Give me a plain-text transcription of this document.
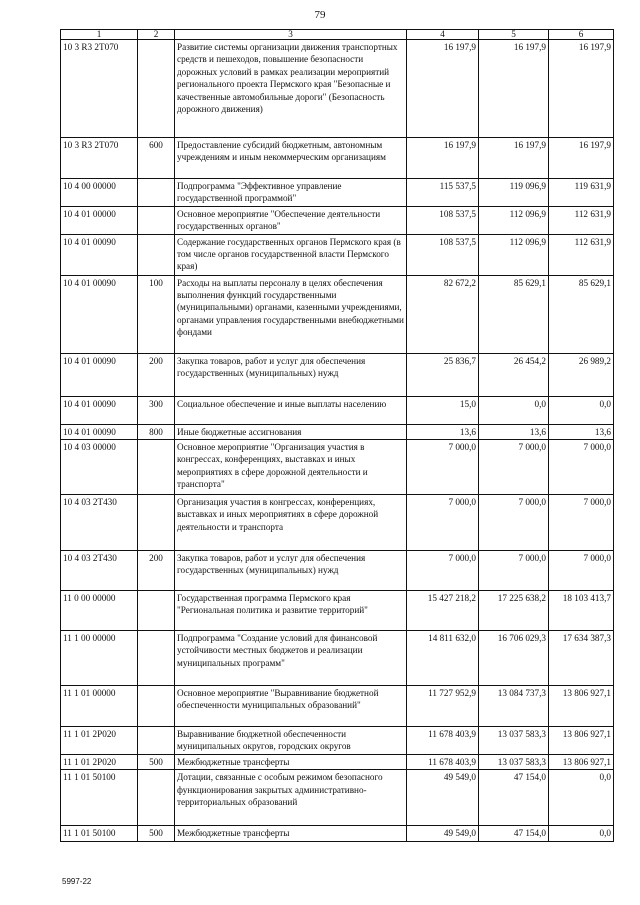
79
1	2	3	4	5	6
10 3 R3 2T070		Развитие системы организации движения транспортных средств и пешеходов, повышение безопасности дорожных условий в рамках реализации мероприятий регионального проекта Пермского края "Безопасные и качественные автомобильные дороги" (Безопасность дорожного движения)	16 197,9	16 197,9	16 197,9
10 3 R3 2T070	600	Предоставление субсидий бюджетным, автономным учреждениям и иным некоммерческим организациям	16 197,9	16 197,9	16 197,9
10 4 00 00000		Подпрограмма "Эффективное управление государственной программой"	115 537,5	119 096,9	119 631,9
10 4 01 00000		Основное мероприятие "Обеспечение деятельности государственных органов"	108 537,5	112 096,9	112 631,9
10 4 01 00090		Содержание государственных органов Пермского края (в том числе органов государственной власти Пермского края)	108 537,5	112 096,9	112 631,9
10 4 01 00090	100	Расходы на выплаты персоналу в целях обеспечения выполнения функций государственными (муниципальными) органами, казенными учреждениями, органами управления государственными внебюджетными фондами	82 672,2	85 629,1	85 629,1
10 4 01 00090	200	Закупка товаров, работ и услуг для обеспечения государственных (муниципальных) нужд	25 836,7	26 454,2	26 989,2
10 4 01 00090	300	Социальное обеспечение и иные выплаты населению	15,0	0,0	0,0
10 4 01 00090	800	Иные бюджетные ассигнования	13,6	13,6	13,6
10 4 03 00000		Основное мероприятие "Организация участия в конгрессах, конференциях, выставках и иных мероприятиях в сфере дорожной деятельности и транспорта"	7 000,0	7 000,0	7 000,0
10 4 03 2T430		Организация участия в конгрессах, конференциях, выставках и иных мероприятиях в сфере дорожной деятельности и транспорта	7 000,0	7 000,0	7 000,0
10 4 03 2T430	200	Закупка товаров, работ и услуг для обеспечения государственных (муниципальных) нужд	7 000,0	7 000,0	7 000,0
11 0 00 00000		Государственная программа Пермского края "Региональная политика и развитие территорий"	15 427 218,2	17 225 638,2	18 103 413,7
11 1 00 00000		Подпрограмма "Создание условий для финансовой устойчивости местных бюджетов и реализации муниципальных программ"	14 811 632,0	16 706 029,3	17 634 387,3
11 1 01 00000		Основное мероприятие "Выравнивание бюджетной обеспеченности муниципальных образований"	11 727 952,9	13 084 737,3	13 806 927,1
11 1 01 2P020		Выравнивание бюджетной обеспеченности муниципальных округов, городских округов	11 678 403,9	13 037 583,3	13 806 927,1
11 1 01 2P020	500	Межбюджетные трансферты	11 678 403,9	13 037 583,3	13 806 927,1
11 1 01 50100		Дотации, связанные с особым режимом безопасного функционирования закрытых административно-территориальных образований	49 549,0	47 154,0	0,0
11 1 01 50100	500	Межбюджетные трансферты	49 549,0	47 154,0	0,0
5997-22
